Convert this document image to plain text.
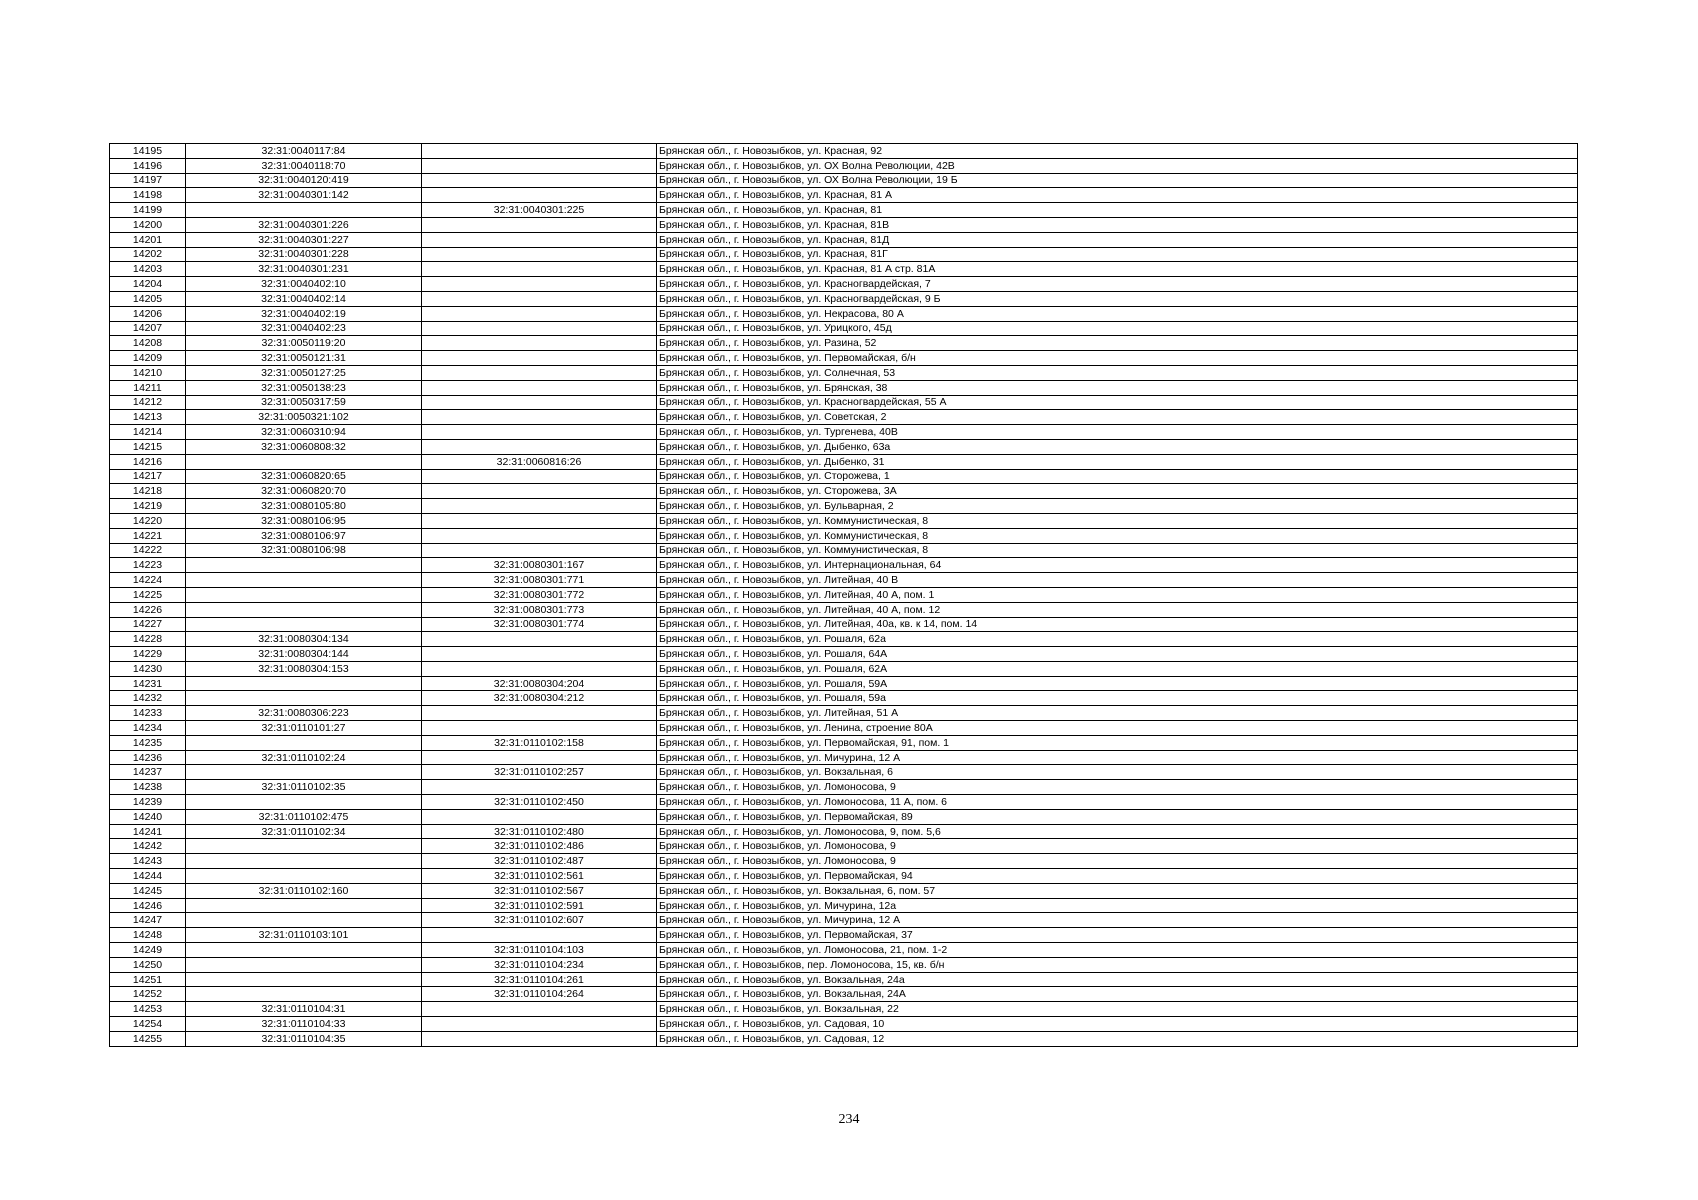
14195	32:31:0040117:84		Брянская обл., г. Новозыбков, ул. Красная, 92
14196	32:31:0040118:70		Брянская обл., г. Новозыбков, ул. ОХ Волна Революции, 42В
14197	32:31:0040120:419		Брянская обл., г. Новозыбков, ул. ОХ Волна Революции, 19 Б
14198	32:31:0040301:142		Брянская обл., г. Новозыбков, ул. Красная, 81 А
14199		32:31:0040301:225	Брянская обл., г. Новозыбков, ул. Красная, 81
14200	32:31:0040301:226		Брянская обл., г. Новозыбков, ул. Красная, 81В
14201	32:31:0040301:227		Брянская обл., г. Новозыбков, ул. Красная, 81Д
14202	32:31:0040301:228		Брянская обл., г. Новозыбков, ул. Красная, 81Г
14203	32:31:0040301:231		Брянская обл., г. Новозыбков, ул. Красная, 81 А стр. 81А
14204	32:31:0040402:10		Брянская обл., г. Новозыбков, ул. Красногвардейская, 7
14205	32:31:0040402:14		Брянская обл., г. Новозыбков, ул. Красногвардейская, 9 Б
14206	32:31:0040402:19		Брянская обл., г. Новозыбков, ул. Некрасова, 80 А
14207	32:31:0040402:23		Брянская обл., г. Новозыбков, ул. Урицкого, 45д
14208	32:31:0050119:20		Брянская обл., г. Новозыбков, ул. Разина, 52
14209	32:31:0050121:31		Брянская обл., г. Новозыбков, ул. Первомайская, б/н
14210	32:31:0050127:25		Брянская обл., г. Новозыбков, ул. Солнечная, 53
14211	32:31:0050138:23		Брянская обл., г. Новозыбков, ул. Брянская, 38
14212	32:31:0050317:59		Брянская обл., г. Новозыбков, ул. Красногвардейская, 55 А
14213	32:31:0050321:102		Брянская обл., г. Новозыбков, ул. Советская, 2
14214	32:31:0060310:94		Брянская обл., г. Новозыбков, ул. Тургенева, 40В
14215	32:31:0060808:32		Брянская обл., г. Новозыбков, ул. Дыбенко, 63а
14216		32:31:0060816:26	Брянская обл., г. Новозыбков, ул. Дыбенко, 31
14217	32:31:0060820:65		Брянская обл., г. Новозыбков, ул. Сторожева, 1
14218	32:31:0060820:70		Брянская обл., г. Новозыбков, ул. Сторожева, 3А
14219	32:31:0080105:80		Брянская обл., г. Новозыбков, ул. Бульварная, 2
14220	32:31:0080106:95		Брянская обл., г. Новозыбков, ул. Коммунистическая, 8
14221	32:31:0080106:97		Брянская обл., г. Новозыбков, ул. Коммунистическая, 8
14222	32:31:0080106:98		Брянская обл., г. Новозыбков, ул. Коммунистическая, 8
14223		32:31:0080301:167	Брянская обл., г. Новозыбков, ул. Интернациональная, 64
14224		32:31:0080301:771	Брянская обл., г. Новозыбков, ул. Литейная, 40 В
14225		32:31:0080301:772	Брянская обл., г. Новозыбков, ул. Литейная, 40 А, пом. 1
14226		32:31:0080301:773	Брянская обл., г. Новозыбков, ул. Литейная, 40 А, пом. 12
14227		32:31:0080301:774	Брянская обл., г. Новозыбков, ул. Литейная, 40а, кв. к 14, пом. 14
14228	32:31:0080304:134		Брянская обл., г. Новозыбков, ул. Рошаля, 62а
14229	32:31:0080304:144		Брянская обл., г. Новозыбков, ул. Рошаля, 64А
14230	32:31:0080304:153		Брянская обл., г. Новозыбков, ул. Рошаля, 62А
14231		32:31:0080304:204	Брянская обл., г. Новозыбков, ул. Рошаля, 59А
14232		32:31:0080304:212	Брянская обл., г. Новозыбков, ул. Рошаля, 59а
14233	32:31:0080306:223		Брянская обл., г. Новозыбков, ул. Литейная, 51 А
14234	32:31:0110101:27		Брянская обл., г. Новозыбков, ул. Ленина, строение 80А
14235		32:31:0110102:158	Брянская обл., г. Новозыбков, ул. Первомайская, 91, пом. 1
14236	32:31:0110102:24		Брянская обл., г. Новозыбков, ул. Мичурина, 12 А
14237		32:31:0110102:257	Брянская обл., г. Новозыбков, ул. Вокзальная, 6
14238	32:31:0110102:35		Брянская обл., г. Новозыбков, ул. Ломоносова, 9
14239		32:31:0110102:450	Брянская обл., г. Новозыбков, ул. Ломоносова, 11 А, пом. 6
14240	32:31:0110102:475		Брянская обл., г. Новозыбков, ул. Первомайская, 89
14241	32:31:0110102:34	32:31:0110102:480	Брянская обл., г. Новозыбков, ул. Ломоносова, 9, пом. 5,6
14242		32:31:0110102:486	Брянская обл., г. Новозыбков, ул. Ломоносова, 9
14243		32:31:0110102:487	Брянская обл., г. Новозыбков, ул. Ломоносова, 9
14244		32:31:0110102:561	Брянская обл., г. Новозыбков, ул. Первомайская, 94
14245	32:31:0110102:160	32:31:0110102:567	Брянская обл., г. Новозыбков, ул. Вокзальная, 6, пом. 57
14246		32:31:0110102:591	Брянская обл., г. Новозыбков, ул. Мичурина, 12а
14247		32:31:0110102:607	Брянская обл., г. Новозыбков, ул. Мичурина, 12 А
14248	32:31:0110103:101		Брянская обл., г. Новозыбков, ул. Первомайская, 37
14249		32:31:0110104:103	Брянская обл., г. Новозыбков, ул. Ломоносова, 21, пом. 1-2
14250		32:31:0110104:234	Брянская обл., г. Новозыбков, пер. Ломоносова, 15, кв. б/н
14251		32:31:0110104:261	Брянская обл., г. Новозыбков, ул. Вокзальная, 24а
14252		32:31:0110104:264	Брянская обл., г. Новозыбков, ул. Вокзальная, 24А
14253	32:31:0110104:31		Брянская обл., г. Новозыбков, ул. Вокзальная, 22
14254	32:31:0110104:33		Брянская обл., г. Новозыбков, ул. Садовая, 10
14255	32:31:0110104:35		Брянская обл., г. Новозыбков, ул. Садовая, 12
234
